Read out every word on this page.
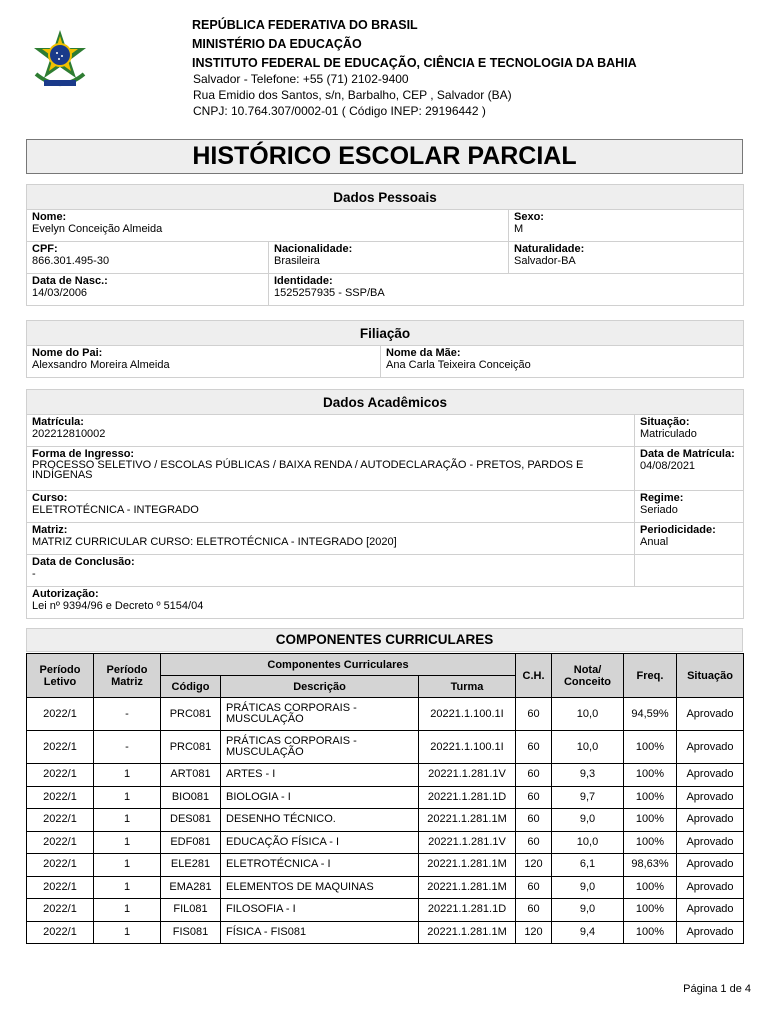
REPÚBLICA FEDERATIVA DO BRASIL
MINISTÉRIO DA EDUCAÇÃO
INSTITUTO FEDERAL DE EDUCAÇÃO, CIÊNCIA E TECNOLOGIA DA BAHIA
Salvador - Telefone: +55 (71) 2102-9400
Rua Emidio dos Santos, s/n, Barbalho, CEP , Salvador (BA)
CNPJ: 10.764.307/0002-01 ( Código INEP: 29196442 )
HISTÓRICO ESCOLAR PARCIAL
Dados Pessoais		

Nome:
Evelyn Conceição Almeida		Sexo:
M

CPF:
866.301.495-30	Nacionalidade:
Brasileira	Naturalidade:
Salvador-BA

Data de Nasc.:
14/03/2006	Identidade:
1525257935 - SSP/BA	
Filiação

Nome do Pai:
Alexsandro Moreira Almeida

Nome da Mãe:
Ana Carla Teixeira Conceição
Dados Acadêmicos	

Matrícula:
202212810002	Situação:
Matriculado

Forma de Ingresso:
PROCESSO SELETIVO / ESCOLAS PÚBLICAS / BAIXA RENDA / AUTODECLARAÇÃO - PRETOS, PARDOS E INDÍGENAS	Data de Matrícula:
04/08/2021

Curso:
ELETROTÉCNICA - INTEGRADO	Regime:
Seriado

Matriz:
MATRIZ CURRICULAR CURSO: ELETROTÉCNICA - INTEGRADO [2020]	Periodicidade:
Anual

Data de Conclusão:
-	

Autorização:
Lei nº 9394/96 e Decreto º 5154/04	
COMPONENTES CURRICULARES
Período Letivo	Período Matriz	Componentes Curriculares			C.H.	Nota/ Conceito	Freq.	Situação
		Código	Descrição	Turma				
2022/1	-	PRC081	PRÁTICAS CORPORAIS - MUSCULAÇÃO	20221.1.100.1I	60	10,0	94,59%	Aprovado
2022/1	-	PRC081	PRÁTICAS CORPORAIS - MUSCULAÇÃO	20221.1.100.1I	60	10,0	100%	Aprovado
2022/1	1	ART081	ARTES - I	20221.1.281.1V	60	9,3	100%	Aprovado
2022/1	1	BIO081	BIOLOGIA - I	20221.1.281.1D	60	9,7	100%	Aprovado
2022/1	1	DES081	DESENHO TÉCNICO.	20221.1.281.1M	60	9,0	100%	Aprovado
2022/1	1	EDF081	EDUCAÇÃO FÍSICA - I	20221.1.281.1V	60	10,0	100%	Aprovado
2022/1	1	ELE281	ELETROTÉCNICA - I	20221.1.281.1M	120	6,1	98,63%	Aprovado
2022/1	1	EMA281	ELEMENTOS DE MAQUINAS	20221.1.281.1M	60	9,0	100%	Aprovado
2022/1	1	FIL081	FILOSOFIA - I	20221.1.281.1D	60	9,0	100%	Aprovado
2022/1	1	FIS081	FÍSICA - FIS081	20221.1.281.1M	120	9,4	100%	Aprovado
Página 1 de 4
